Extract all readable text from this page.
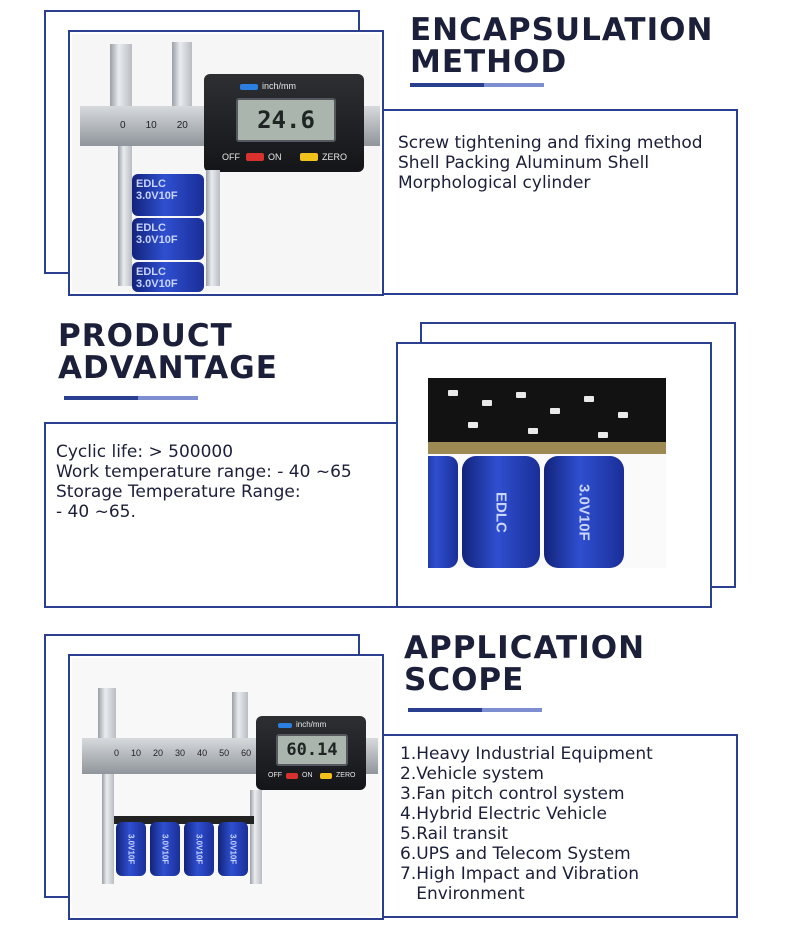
0 10 20
inch/mm
24.6
OFF	ON	ZERO
EDLC 3.0V10F
EDLC 3.0V10F
EDLC 3.0V10F
ENCAPSULATION
METHOD
Screw tightening and fixing method
Shell Packing Aluminum Shell
Morphological cylinder
PRODUCT
ADVANTAGE
EDLC	3.0V10F
Cyclic life: > 500000
Work temperature range: - 40 ~65
Storage Temperature Range:
- 40 ~65.
0 10 20 30 40 50 60
inch/mm
60.14
OFF	ON	ZERO
3.0V10F	3.0V10F	3.0V10F	3.0V10F
APPLICATION
SCOPE
1.Heavy Industrial Equipment
2.Vehicle system
3.Fan pitch control system
4.Hybrid Electric Vehicle
5.Rail transit
6.UPS and Telecom System
7.High Impact and Vibration
Environment
